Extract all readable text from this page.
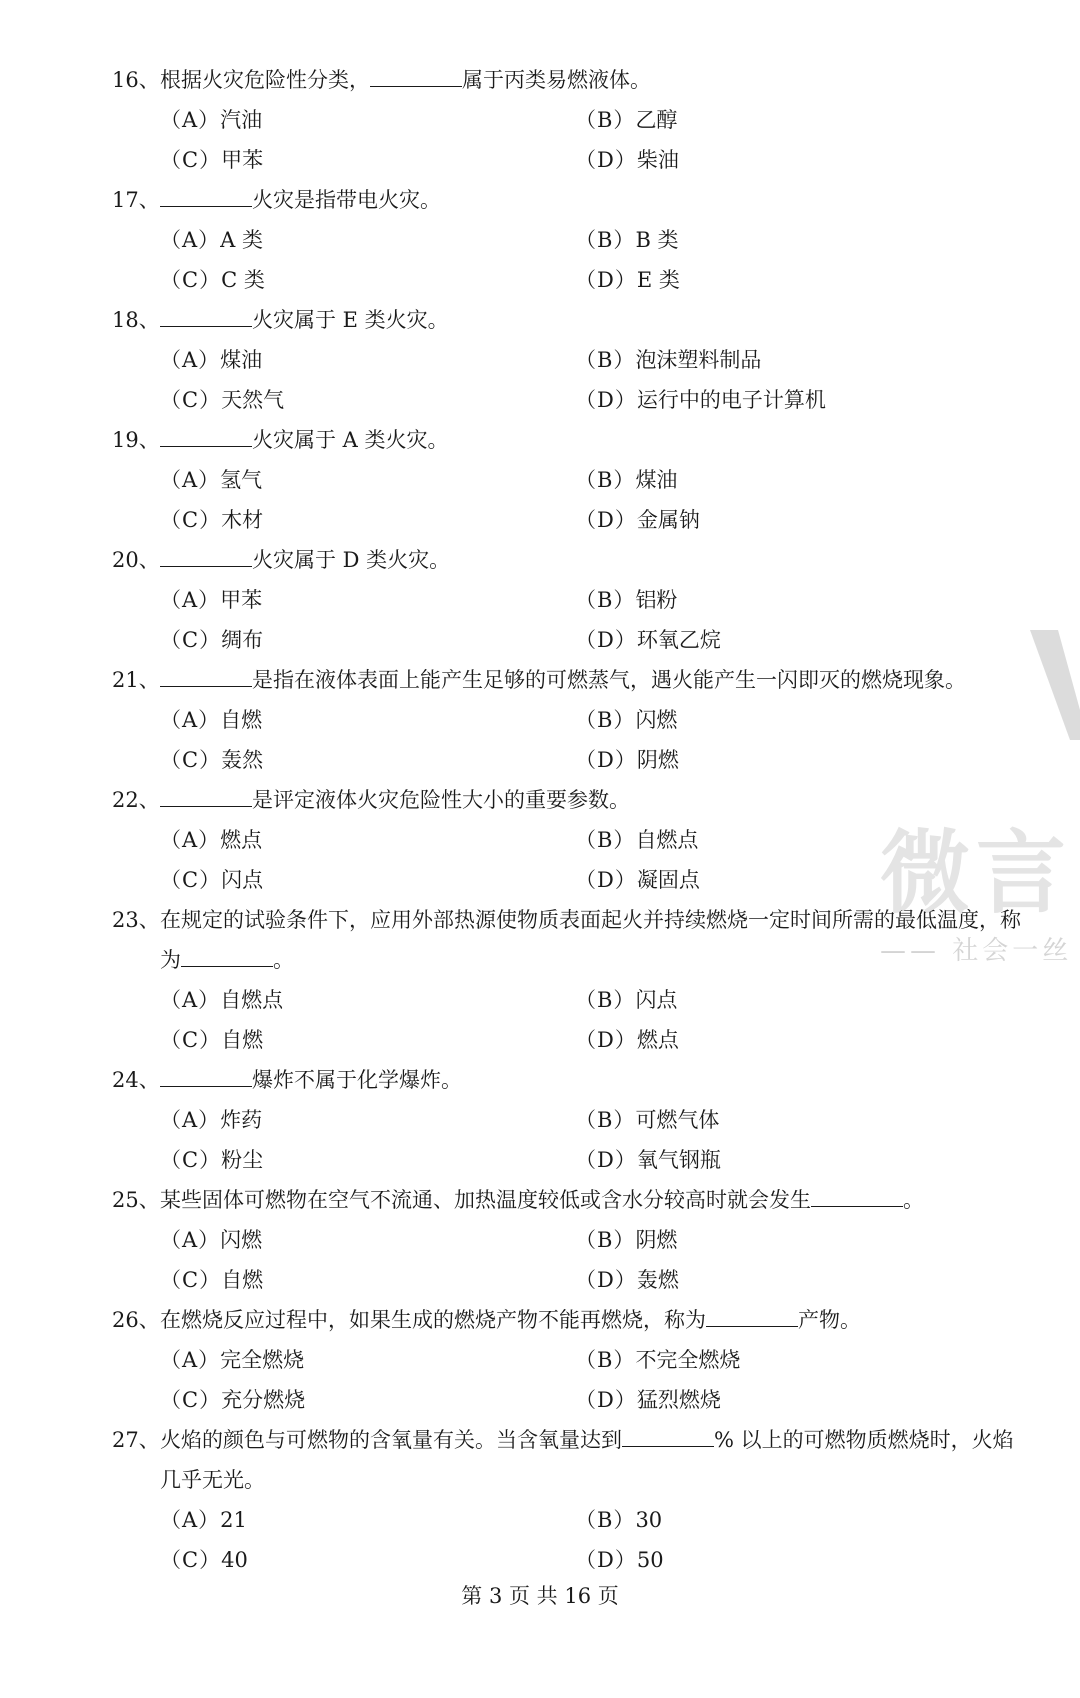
16、 根据火灾危险性分类，	属于丙类易燃液体。
（A）汽油	（B）乙醇
（C）甲苯	（D）柴油
17、	火灾是指带电火灾。
（A）A 类	（B）B 类
（C）C 类	（D）E 类
18、	火灾属于 E 类火灾。
（A）煤油	（B）泡沫塑料制品
（C）天然气	（D）运行中的电子计算机
19、	火灾属于 A 类火灾。
（A）氢气	（B）煤油
（C）木材	（D）金属钠
20、	火灾属于 D 类火灾。
（A）甲苯	（B）铝粉
（C）绸布	（D）环氧乙烷
21、	是指在液体表面上能产生足够的可燃蒸气，遇火能产生一闪即灭的燃烧现象。
（A）自燃	（B）闪燃
（C）轰然	（D）阴燃
22、	是评定液体火灾危险性大小的重要参数。
（A）燃点	（B）自燃点
（C）闪点	（D）凝固点
23、 在规定的试验条件下，应用外部热源使物质表面起火并持续燃烧一定时间所需的最低温度，称为	。
（A）自燃点	（B）闪点
（C）自燃	（D）燃点
24、	爆炸不属于化学爆炸。
（A）炸药	（B）可燃气体
（C）粉尘	（D）氧气钢瓶
25、 某些固体可燃物在空气不流通、加热温度较低或含水分较高时就会发生	。
（A）闪燃	（B）阴燃
（C）自燃	（D）轰燃
26、 在燃烧反应过程中，如果生成的燃烧产物不能再燃烧，称为	产物。
（A）完全燃烧	（B）不完全燃烧
（C）充分燃烧	（D）猛烈燃烧
27、 火焰的颜色与可燃物的含氧量有关。当含氧量达到	% 以上的可燃物质燃烧时，火焰几乎无光。
（A）21	（B）30
（C）40	（D）50
第 3 页 共 16 页
微言
—— 社会一丝
